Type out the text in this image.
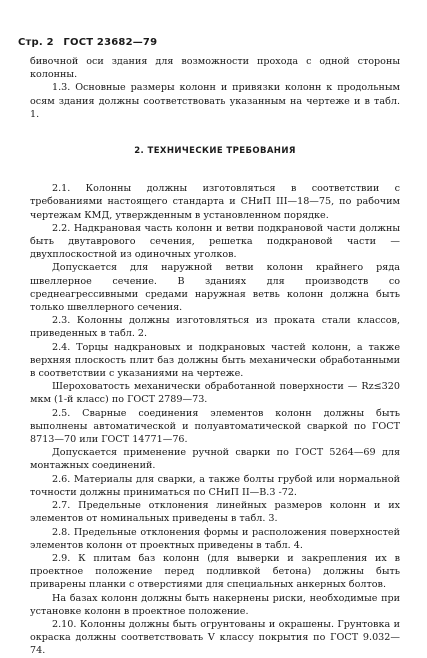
Стр. 2 ГОСТ 23682—79

бивочной оси здания для возможности прохода с одной стороны колонны.

1.3. Основные размеры колонн и привязки колонн к продольным осям здания должны соответствовать указанным на чертеже и в табл. 1.

2. ТЕХНИЧЕСКИЕ ТРЕБОВАНИЯ

2.1. Колонны должны изготовляться в соответствии с требованиями настоящего стандарта и СНиП III—18—75, по рабочим чертежам КМД, утвержденным в установленном порядке.

2.2. Надкрановая часть колонн и ветви подкрановой части должны быть двутаврового сечения, решетка подкрановой части — двухплоскостной из одиночных уголков.

Допускается для наружной ветви колонн крайнего ряда швеллерное сечение. В зданиях для производств со среднеагрессивными средами наружная ветвь колонн должна быть только швеллерного сечения.

2.3. Колонны должны изготовляться из проката стали классов, приведенных в табл. 2.

2.4. Торцы надкрановых и подкрановых частей колонн, а также верхняя плоскость плит баз должны быть механически обработанными в соответствии с указаниями на чертеже.

Шероховатость механически обработанной поверхности — Rz≤320 мкм (1-й класс) по ГОСТ 2789—73.

2.5. Сварные соединения элементов колонн должны быть выполнены автоматической и полуавтоматической сваркой по ГОСТ 8713—70 или ГОСТ 14771—76.

Допускается применение ручной сварки по ГОСТ 5264—69 для монтажных соединений.

2.6. Материалы для сварки, а также болты грубой или нормальной точности должны приниматься по СНиП II—В.3 -72.

2.7. Предельные отклонения линейных размеров колонн и их элементов от номинальных приведены в табл. 3.

2.8. Предельные отклонения формы и расположения поверхностей элементов колонн от проектных приведены в табл. 4.

2.9. К плитам баз колонн (для выверки и закрепления их в проектное положение перед подливкой бетона) должны быть приварены планки с отверстиями для специальных анкерных болтов.

На базах колонн должны быть накернены риски, необходимые при установке колонн в проектное положение.

2.10. Колонны должны быть огрунтованы и окрашены. Грунтовка и окраска должны соответствовать V классу покрытия по ГОСТ 9.032—74.
